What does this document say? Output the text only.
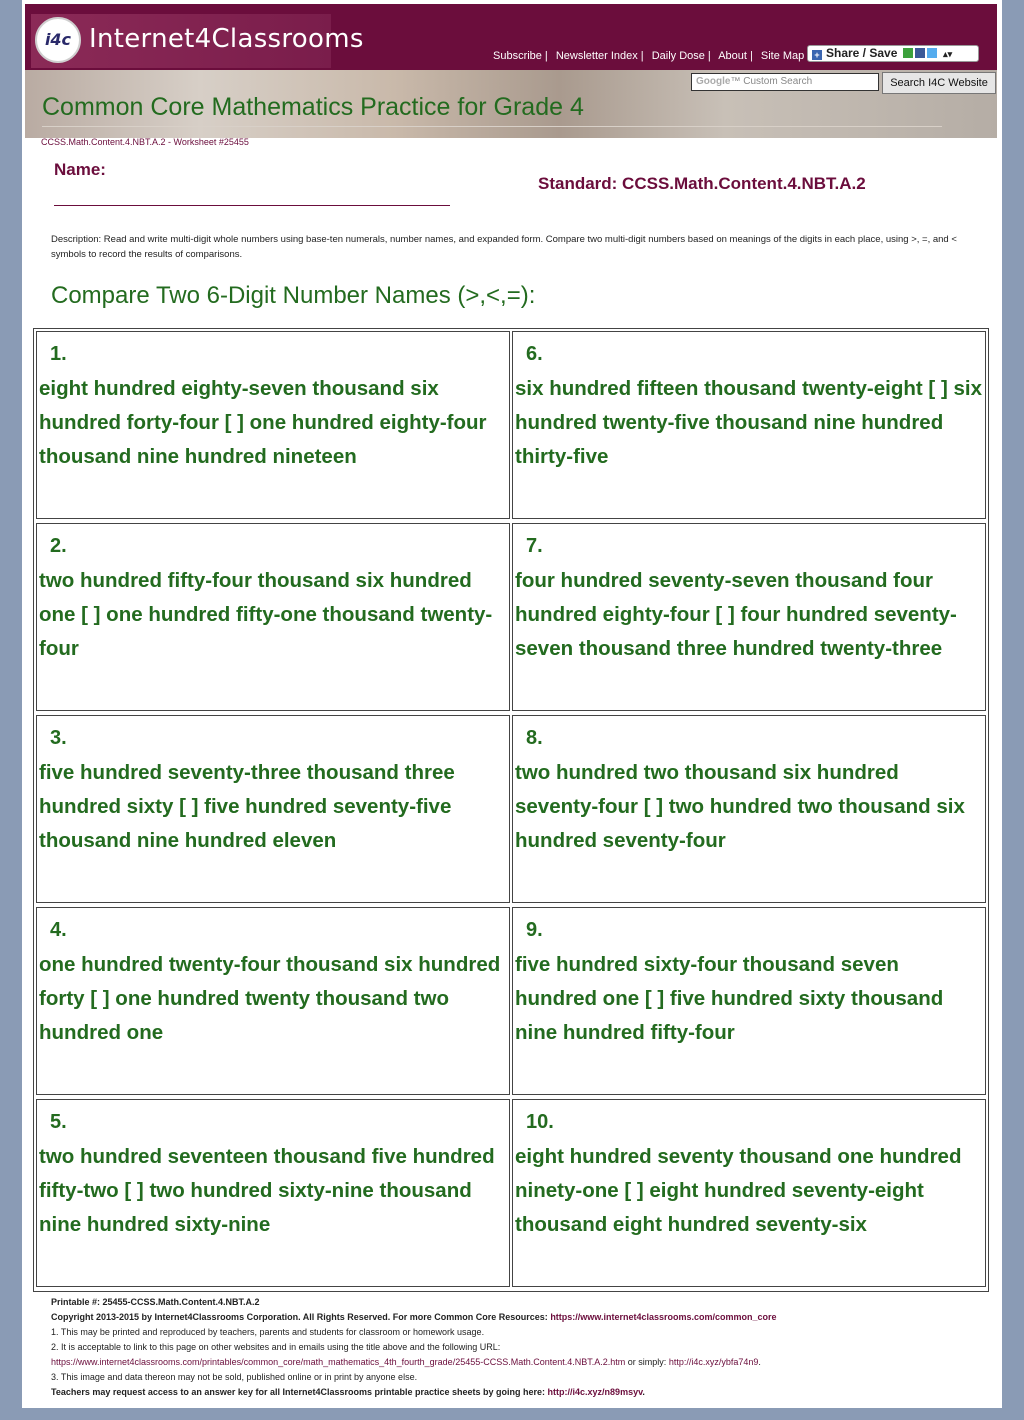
i4c Internet4Classrooms
Subscribe | Newsletter Index | Daily Dose | About | Site Map	+ Share / Save	▴▾
Google™ Custom Search	Search I4C Website
Common Core Mathematics Practice for Grade 4
CCSS.Math.Content.4.NBT.A.2 - Worksheet #25455
Name:
Standard: CCSS.Math.Content.4.NBT.A.2
Description: Read and write multi-digit whole numbers using base-ten numerals, number names, and expanded form. Compare two multi-digit numbers based on meanings of the digits in each place, using >, =, and < symbols to record the results of comparisons.
Compare Two 6-Digit Number Names (>,<,=):
1.
eight hundred eighty-seven thousand six hundred forty-four [ ] one hundred eighty-four thousand nine hundred nineteen
6.
six hundred fifteen thousand twenty-eight [ ] six hundred twenty-five thousand nine hundred thirty-five
2.
two hundred fifty-four thousand six hundred one [ ] one hundred fifty-one thousand twenty-four
7.
four hundred seventy-seven thousand four hundred eighty-four [ ] four hundred seventy-seven thousand three hundred twenty-three
3.
five hundred seventy-three thousand three hundred sixty [ ] five hundred seventy-five thousand nine hundred eleven
8.
two hundred two thousand six hundred seventy-four [ ] two hundred two thousand six hundred seventy-four
4.
one hundred twenty-four thousand six hundred forty [ ] one hundred twenty thousand two hundred one
9.
five hundred sixty-four thousand seven hundred one [ ] five hundred sixty thousand nine hundred fifty-four
5.
two hundred seventeen thousand five hundred fifty-two [ ] two hundred sixty-nine thousand nine hundred sixty-nine
10.
eight hundred seventy thousand one hundred ninety-one [ ] eight hundred seventy-eight thousand eight hundred seventy-six
Printable #: 25455-CCSS.Math.Content.4.NBT.A.2
Copyright 2013-2015 by Internet4Classrooms Corporation. All Rights Reserved. For more Common Core Resources: https://www.internet4classrooms.com/common_core
1. This may be printed and reproduced by teachers, parents and students for classroom or homework usage.
2. It is acceptable to link to this page on other websites and in emails using the title above and the following URL:
https://www.internet4classrooms.com/printables/common_core/math_mathematics_4th_fourth_grade/25455-CCSS.Math.Content.4.NBT.A.2.htm or simply: http://i4c.xyz/ybfa74n9.
3. This image and data thereon may not be sold, published online or in print by anyone else.
Teachers may request access to an answer key for all Internet4Classrooms printable practice sheets by going here: http://i4c.xyz/n89msyv.
